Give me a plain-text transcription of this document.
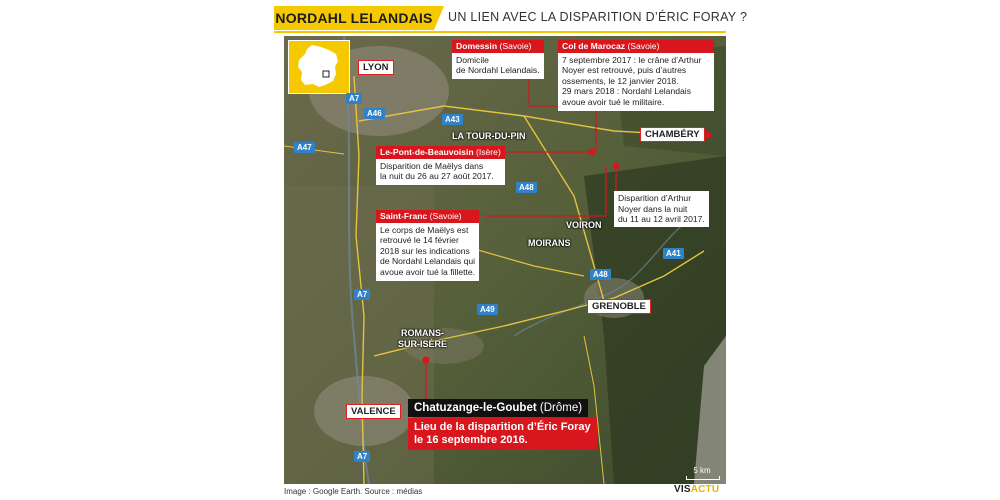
NORDAHL LELANDAIS UN LIEN AVEC LA DISPARITION D’ÉRIC FORAY ?
LYON
CHAMBÉRY
GRENOBLE
VALENCE
LA TOUR-DU-PIN
VOIRON
MOIRANS
ROMANS-
SUR-ISÈRE
A7
A46
A43
A47
A48
A41
A48
A7
A49
A7
Domessin (Savoie)
Domicile
de Nordahl Lelandais.
Col de Marocaz (Savoie)
7 septembre 2017 : le crâne d’Arthur
Noyer est retrouvé, puis d’autres
ossements, le 12 janvier 2018.
29 mars 2018 : Nordahl Lelandais
avoue avoir tué le militaire.
Le-Pont-de-Beauvoisin (Isère)
Disparition de Maëlys dans
la nuit du 26 au 27 août 2017.
Saint-Franc (Savoie)
Le corps de Maëlys est
retrouvé le 14 février
2018 sur les indications
de Nordahl Lelandais qui
avoue avoir tué la fillette.
Disparition d’Arthur
Noyer dans la nuit
du 11 au 12 avril 2017.
Chatuzange-le-Goubet (Drôme)
Lieu de la disparition d’Éric Foray
le 16 septembre 2016.
5 km
Image : Google Earth. Source : médias	VISACTU
